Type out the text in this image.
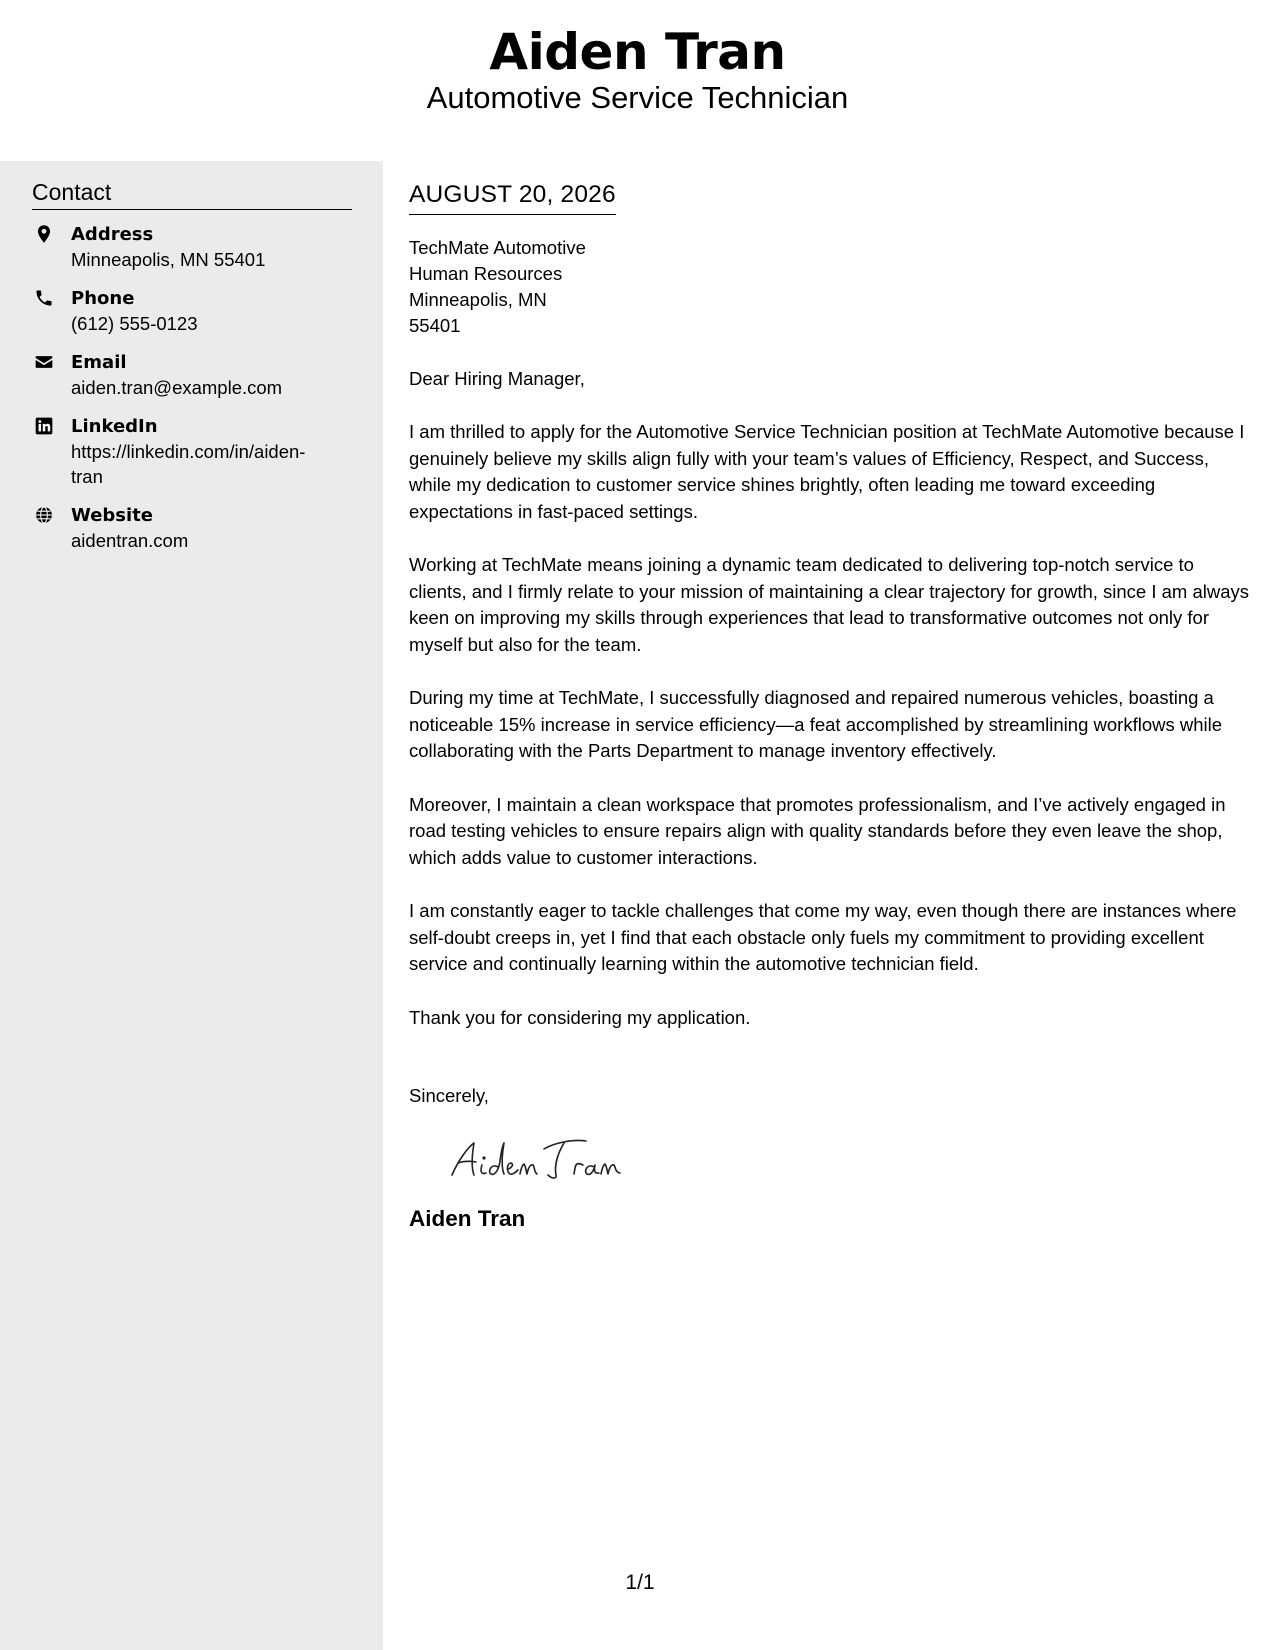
Aiden Tran
Automotive Service Technician
Contact
Address
Minneapolis, MN 55401
Phone
(612) 555-0123
Email
aiden.tran@example.com
LinkedIn
https://linkedin.com/in/aiden-tran
Website
aidentran.com
AUGUST 20, 2026
TechMate Automotive
Human Resources
Minneapolis, MN
55401
Dear Hiring Manager,
I am thrilled to apply for the Automotive Service Technician position at TechMate Automotive because I genuinely believe my skills align fully with your team’s values of Efficiency, Respect, and Success, while my dedication to customer service shines brightly, often leading me toward exceeding expectations in fast-paced settings.
Working at TechMate means joining a dynamic team dedicated to delivering top-notch service to clients, and I firmly relate to your mission of maintaining a clear trajectory for growth, since I am always keen on improving my skills through experiences that lead to transformative outcomes not only for myself but also for the team.
During my time at TechMate, I successfully diagnosed and repaired numerous vehicles, boasting a noticeable 15% increase in service efficiency—a feat accomplished by streamlining workflows while collaborating with the Parts Department to manage inventory effectively.
Moreover, I maintain a clean workspace that promotes professionalism, and I’ve actively engaged in road testing vehicles to ensure repairs align with quality standards before they even leave the shop, which adds value to customer interactions.
I am constantly eager to tackle challenges that come my way, even though there are instances where self-doubt creeps in, yet I find that each obstacle only fuels my commitment to providing excellent service and continually learning within the automotive technician field.
Thank you for considering my application.
Sincerely,
Aiden Tran
1/1
